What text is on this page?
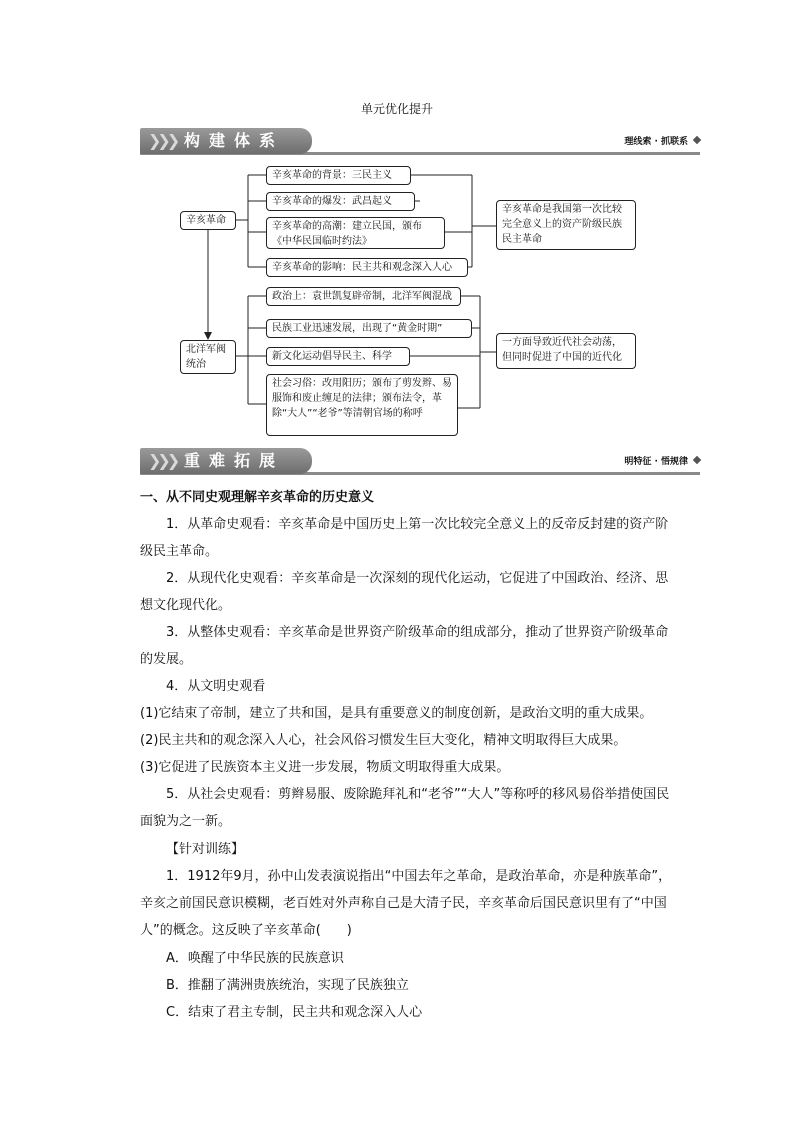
单元优化提升
❯❯❯ 构建体系	理线索 · 抓联系
辛亥革命
辛亥革命的背景：三民主义
辛亥革命的爆发：武昌起义
辛亥革命的高潮：建立民国，颁布《中华民国临时约法》
辛亥革命的影响：民主共和观念深入人心
辛亥革命是我国第一次比较完全意义上的资产阶级民族民主革命
北洋军阀统治
政治上：袁世凯复辟帝制，北洋军阀混战
民族工业迅速发展，出现了“黄金时期”
新文化运动倡导民主、科学
社会习俗：改用阳历；颁布了剪发辫、易服饰和废止缠足的法律；颁布法令，革除“大人”“老爷”等清朝官场的称呼
一方面导致近代社会动荡，但同时促进了中国的近代化
❯❯❯ 重难拓展	明特征 · 悟规律
一、从不同史观理解辛亥革命的历史意义
1．从革命史观看：辛亥革命是中国历史上第一次比较完全意义上的反帝反封建的资产阶级民主革命。
2．从现代化史观看：辛亥革命是一次深刻的现代化运动，它促进了中国政治、经济、思想文化现代化。
3．从整体史观看：辛亥革命是世界资产阶级革命的组成部分，推动了世界资产阶级革命的发展。
4．从文明史观看
(1)它结束了帝制，建立了共和国，是具有重要意义的制度创新，是政治文明的重大成果。
(2)民主共和的观念深入人心，社会风俗习惯发生巨大变化，精神文明取得巨大成果。
(3)它促进了民族资本主义进一步发展，物质文明取得重大成果。
5．从社会史观看：剪辫易服、废除跪拜礼和“老爷”“大人”等称呼的移风易俗举措使国民面貌为之一新。
【针对训练】
1．1912年9月，孙中山发表演说指出“中国去年之革命，是政治革命，亦是种族革命”，辛亥之前国民意识模糊，老百姓对外声称自己是大清子民，辛亥革命后国民意识里有了“中国人”的概念。这反映了辛亥革命(　　)
A．唤醒了中华民族的民族意识
B．推翻了满洲贵族统治，实现了民族独立
C．结束了君主专制，民主共和观念深入人心
